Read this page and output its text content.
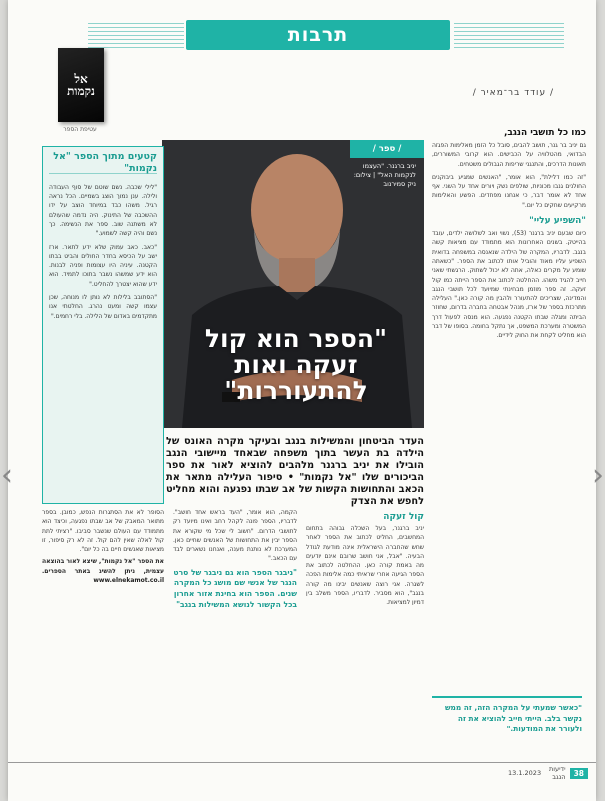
תרבות
/ עודד בר־מאיר /
אל נקמות
עטיפת הספר	כמו כל תושבי הנגב,
גם יניב בר גנר, תושב להבים, סובל כל הזמן מאלימות הפגזה הבדואי, מהטלוויה על הכבישים. הוא קרובי המשוררים, תאונות הדרכים, והתנגני שריפות הגבולים משטחים.
"זה כמו דלילת", הוא אומר, "האנשים שמגיע ביבוקנים החולנים גנבו מכוניות, שולפים נשק ויורים אחד על השני. אף אחד לא אומר דבר, כי אנחנו מפחדים. הפשע והאלימות מרקיעים שחקים כל יום."
"השפיע עליי"
כיום שבעם יניב ברגנר (53), נשוי ואב לשלושה ילדים, עובד בהייטק. בשנים האחרונות הוא מתמודד עם מציאות קשה בנגב. לדבריו, המקרה של הילדה שנאנסה במשפחה בדואית השפיע עליו מאוד והוביל אותו לכתוב את הספר. "כשאתה שומע על מקרים כאלה, אתה לא יכול לשתוק. הרגשתי שאני חייב להגיד משהו. ההחלטה לכתוב את הספר הייתה כמו קול זעקה. זה ספר מוזמן מבחינתי שמיועד לכל תושבי הנגב והמדינה, שצריכים להתעורר ולהבין מה קורה כאן." העלילה מתרכזת בספר של ארז, מנהל אבטחה בחברה בדרום, שחוזר הביתה ומגלה שבתו הקטנה נפגעה. הוא מנסה לפעול דרך המשטרה ומערכת המשפט, אך נתקל בחומה. בסופו של דבר הוא מחליט לקחת את החוק לידיים.
"כאשר שמעתי על המקרה הזה, זה ממש נקשר בלב. הייתי חייב להוציא את זה ולעורר את המודעות."
/ ספר /
יניב ברגנר. "העצמו לנקמות האל" | צילום: ניק סמירנוב
"הספר הוא קול זעקה ואות להתעוררות"
העדר הביטחון והמשילות בנגב ובעיקר מקרה האונס של הילדה בת העשר בתוך משפחה שבאחד מיישובי הנגב הובילו את יניב ברגנר מלהבים להוציא לאור את ספר הביכורים שלו "אל נקמות" • סיפור העלילה מתאר את הכאב והתחושות הקשות של אב שבתו נפגעה והוא מחליט לחפש את הצדק
קטעים מתוך הספר "אל נקמות"
"לילי שכבה. נשם שוטם של סוף העבודה ולילה. ענן נמוך הוצג בשמיים. הכל נראה רגיל. משהו כבד במיוחד הוצב על ידו ההשכבה של התינוק. היה נדמה שהעולם לא משתנה שוב. ספר את הנשימה. כך נשם והיה קשה לשמוע."
"כאב. כאב עמוק שלא ידע לתאר. ארז ישב על הכיסא בחדר החולים והביט בבתו הקטנה. עיניה היו עצומות ופניה לבנות. הוא ידע שמשהו נשבר בתוכו לתמיד. הוא ידע שהוא יצטרך להחליט."
"הסתובב בלילות לא נותן לו מנוחה, שכן עצמו קשה ומעט נהרג. החלטתי אנו מתקדמים באדום של הלילה. בלי רחמים."
קול זעקה

יניב ברגנר, בעל השכלה גבוהה בתחום המחשבים, החליט לכתוב את הספר לאחר שחש שהחברה הישראלית אינה מודעת לגודל הבעיה. "אבל, אני חושב שרובם אינם יודעים מה באמת קורה כאן. ההחלטה לכתוב את הספר הגיעה אחרי שראיתי כמה אלימות הפכה לשגרה. אני רוצה שאנשים יבינו מה קורה בנגב", הוא מסביר. לדבריו, הספר משלב בין דמיון למציאות.

הקמה, הוא אומר, "העד בראש אחד חושב". לדבריו, הספר פונה לקהל רחב ואינו מיועד רק לתושבי הדרום. "חשוב לי שכל מי שקורא את הספר יבין את התחושות של האנשים שחיים כאן. המערכת לא נותנת מענה, ואנחנו נשארים לבד עם הכאב."

"ניבגר הספר הוא גם ניבגר של סרט הנגר של אנשי שם מושג כל המקרה שנים. הספר הוא בחינת אזור אחרון בכל הקשור לנושא המשילות בנגב"

הסופר לא את הסתגרות הנפש, כמובן. בספר מתואר המאבק של אב שבתו נפגעה, וכיצד הוא מתמודד עם העולם שנשבר סביבו. "רציתי לתת קול לאלה שאין להם קול. זה לא רק סיפור, זו מציאות שאנשים חיים בה כל יום".

את הספר "אל נקמות", שיצא לאור בהוצאה עצמית, ניתן להשיג באתר הספרים. www.elnekamot.co.il

38
ידיעות הנגב
13.1.2023
‹	›
